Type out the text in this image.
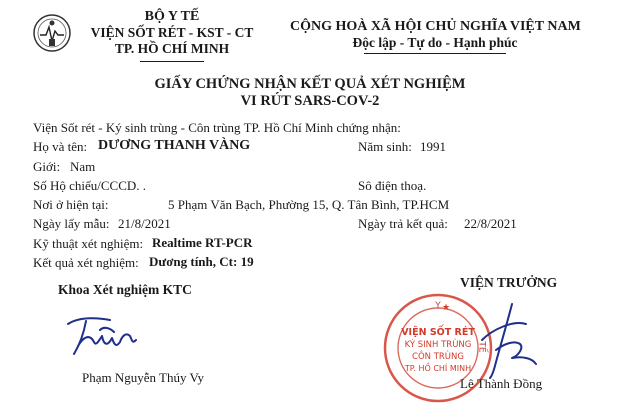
BỘ Y TẾ
VIỆN SỐT RÉT - KST - CT
TP. HỒ CHÍ MINH
CỘNG HOÀ XÃ HỘI CHỦ NGHĨA VIỆT NAM
Độc lập - Tự do - Hạnh phúc
GIẤY CHỨNG NHẬN KẾT QUẢ XÉT NGHIỆM
VI RÚT SARS-COV-2
Viện Sốt rét - Ký sinh trùng - Côn trùng TP. Hồ Chí Minh chứng nhận:
Họ và tên: DƯƠNG THANH VÀNG	Năm sinh: 1991
Giới: Nam
Số Hộ chiếu/CCCD. .	Sô điện thoạ.
Nơi ở hiện tại:	5 Phạm Văn Bạch, Phường 15, Q. Tân Bình, TP.HCM
Ngày lấy mẫu: 21/8/2021	Ngày trả kết quả: 22/8/2021
Kỹ thuật xét nghiệm: Realtime RT-PCR
Kết quả xét nghiệm: Dương tính, Ct: 19
Khoa Xét nghiệm KTC	VIỆN TRƯỞNG
★
Y
TẾ
VIỆN SỐT RÉT
KÝ SINH TRÙNG
CÔN TRÙNG
TP. HỒ CHÍ MINH
Phạm Nguyễn Thúy Vy	Lê Thành Đồng
